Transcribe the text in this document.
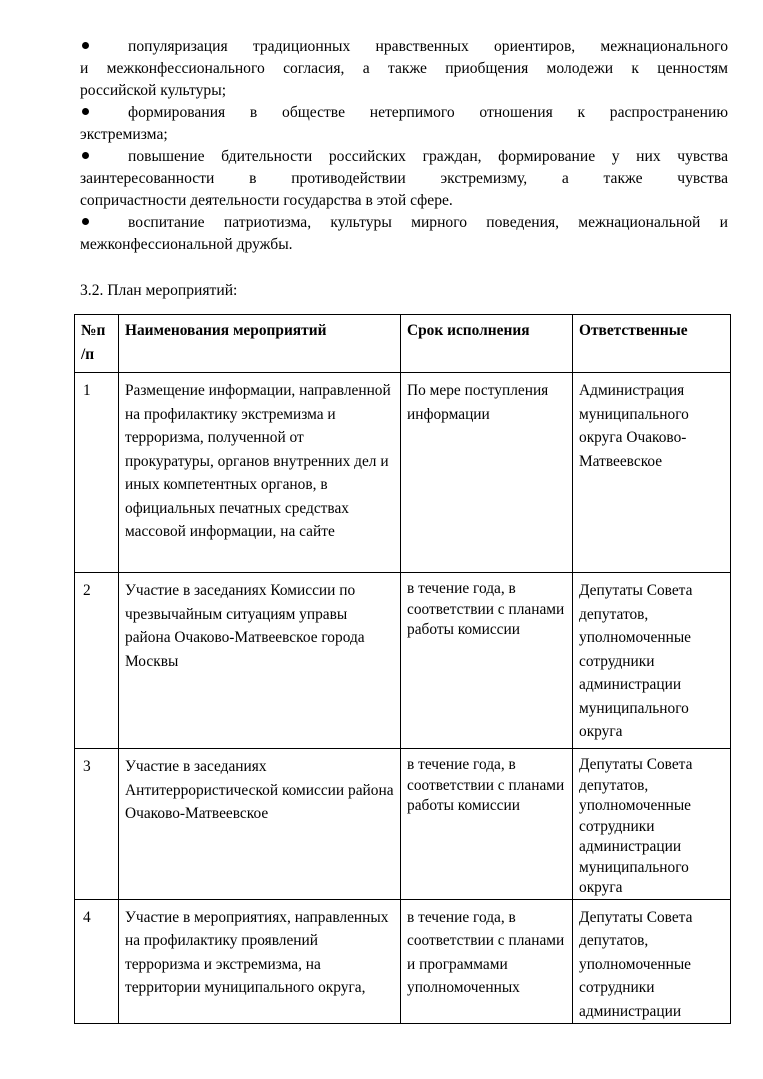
популяризация традиционных нравственных ориентиров, межнационального
и межконфессионального согласия, а также приобщения молодежи к ценностям
российской культуры;
формирования в обществе нетерпимого отношения к распространению
экстремизма;
повышение бдительности российских граждан, формирование у них чувства
заинтересованности в противодействии экстремизму, а также чувства
сопричастности деятельности государства в этой сфере.
воспитание патриотизма, культуры мирного поведения, межнациональной и
межконфессиональной дружбы.
3.2. План мероприятий:
№п /п	Наименования мероприятий	Срок исполнения	Ответственные
1	Размещение информации, направленной на профилактику экстремизма и терроризма, полученной от прокуратуры, органов внутренних дел и иных компетентных органов, в официальных печатных средствах массовой информации, на сайте	По мере поступления информации	Администрация муниципального округа Очаково-Матвеевское
2	Участие в заседаниях Комиссии по чрезвычайным ситуациям управы района Очаково-Матвеевское города Москвы	в течение года, в соответствии с планами работы комиссии	Депутаты Совета депутатов, уполномоченные сотрудники администрации муниципального округа
3	Участие в заседаниях Антитеррористической комиссии района Очаково-Матвеевское	в течение года, в соответствии с планами работы комиссии	Депутаты Совета депутатов, уполномоченные сотрудники администрации муниципального округа
4	Участие в мероприятиях, направленных на профилактику проявлений терроризма и экстремизма, на территории муниципального округа,	в течение года, в соответствии с планами и программами уполномоченных	Депутаты Совета депутатов, уполномоченные сотрудники администрации
